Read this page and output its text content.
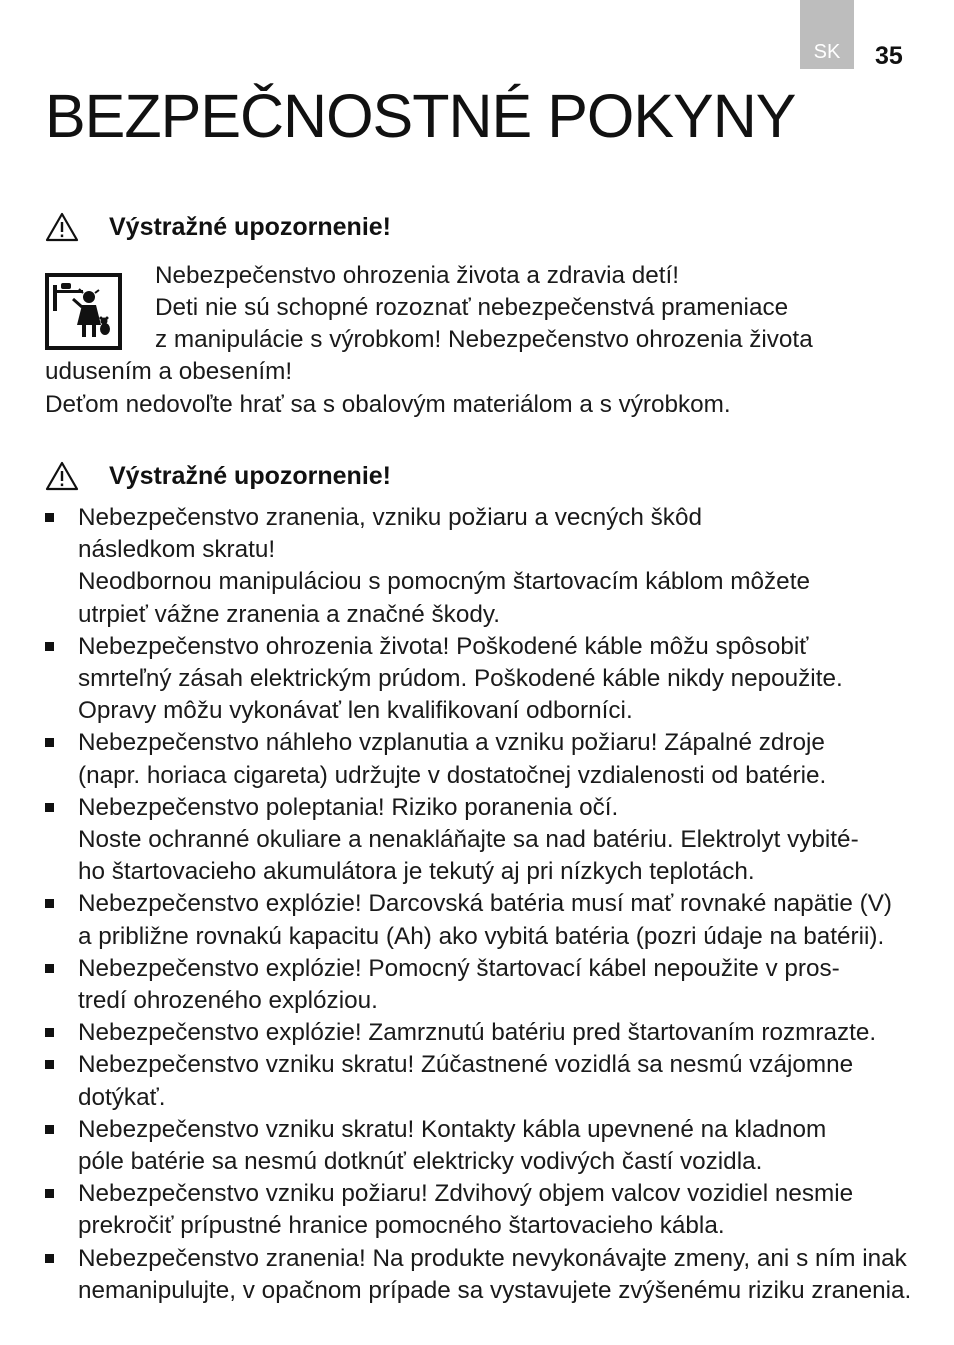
SK 35
BEZPEČNOSTNÉ POKYNY
Výstražné upozornenie!
Nebezpečenstvo ohrozenia života a zdravia detí!
Deti nie sú schopné rozoznať nebezpečenstvá prameniace
z manipulácie s výrobkom! Nebezpečenstvo ohrozenia života
udusením a obesením!
Deťom nedovoľte hrať sa s obalovým materiálom a s výrobkom.
Výstražné upozornenie!
Nebezpečenstvo zranenia, vzniku požiaru a vecných škôd
následkom skratu!
Neodbornou manipuláciou s pomocným štartovacím káblom môžete
utrpieť vážne zranenia a značné škody.
Nebezpečenstvo ohrozenia života! Poškodené káble môžu spôsobiť
smrteľný zásah elektrickým prúdom. Poškodené káble nikdy nepoužite.
Opravy môžu vykonávať len kvalifikovaní odborníci.
Nebezpečenstvo náhleho vzplanutia a vzniku požiaru! Zápalné zdroje
(napr. horiaca cigareta) udržujte v dostatočnej vzdialenosti od batérie.
Nebezpečenstvo poleptania! Riziko poranenia očí.
Noste ochranné okuliare a nenakláňajte sa nad batériu. Elektrolyt vybité-
ho štartovacieho akumulátora je tekutý aj pri nízkych teplotách.
Nebezpečenstvo explózie! Darcovská batéria musí mať rovnaké napätie (V)
a približne rovnakú kapacitu (Ah) ako vybitá batéria (pozri údaje na batérii).
Nebezpečenstvo explózie! Pomocný štartovací kábel nepoužite v pros-
tredí ohrozeného explóziou.
Nebezpečenstvo explózie! Zamrznutú batériu pred štartovaním rozmrazte.
Nebezpečenstvo vzniku skratu! Zúčastnené vozidlá sa nesmú vzájomne
dotýkať.
Nebezpečenstvo vzniku skratu! Kontakty kábla upevnené na kladnom
póle batérie sa nesmú dotknúť elektricky vodivých častí vozidla.
Nebezpečenstvo vzniku požiaru! Zdvihový objem valcov vozidiel nesmie
prekročiť prípustné hranice pomocného štartovacieho kábla.
Nebezpečenstvo zranenia! Na produkte nevykonávajte zmeny, ani s ním inak
nemanipulujte, v opačnom prípade sa vystavujete zvýšenému riziku zranenia.
